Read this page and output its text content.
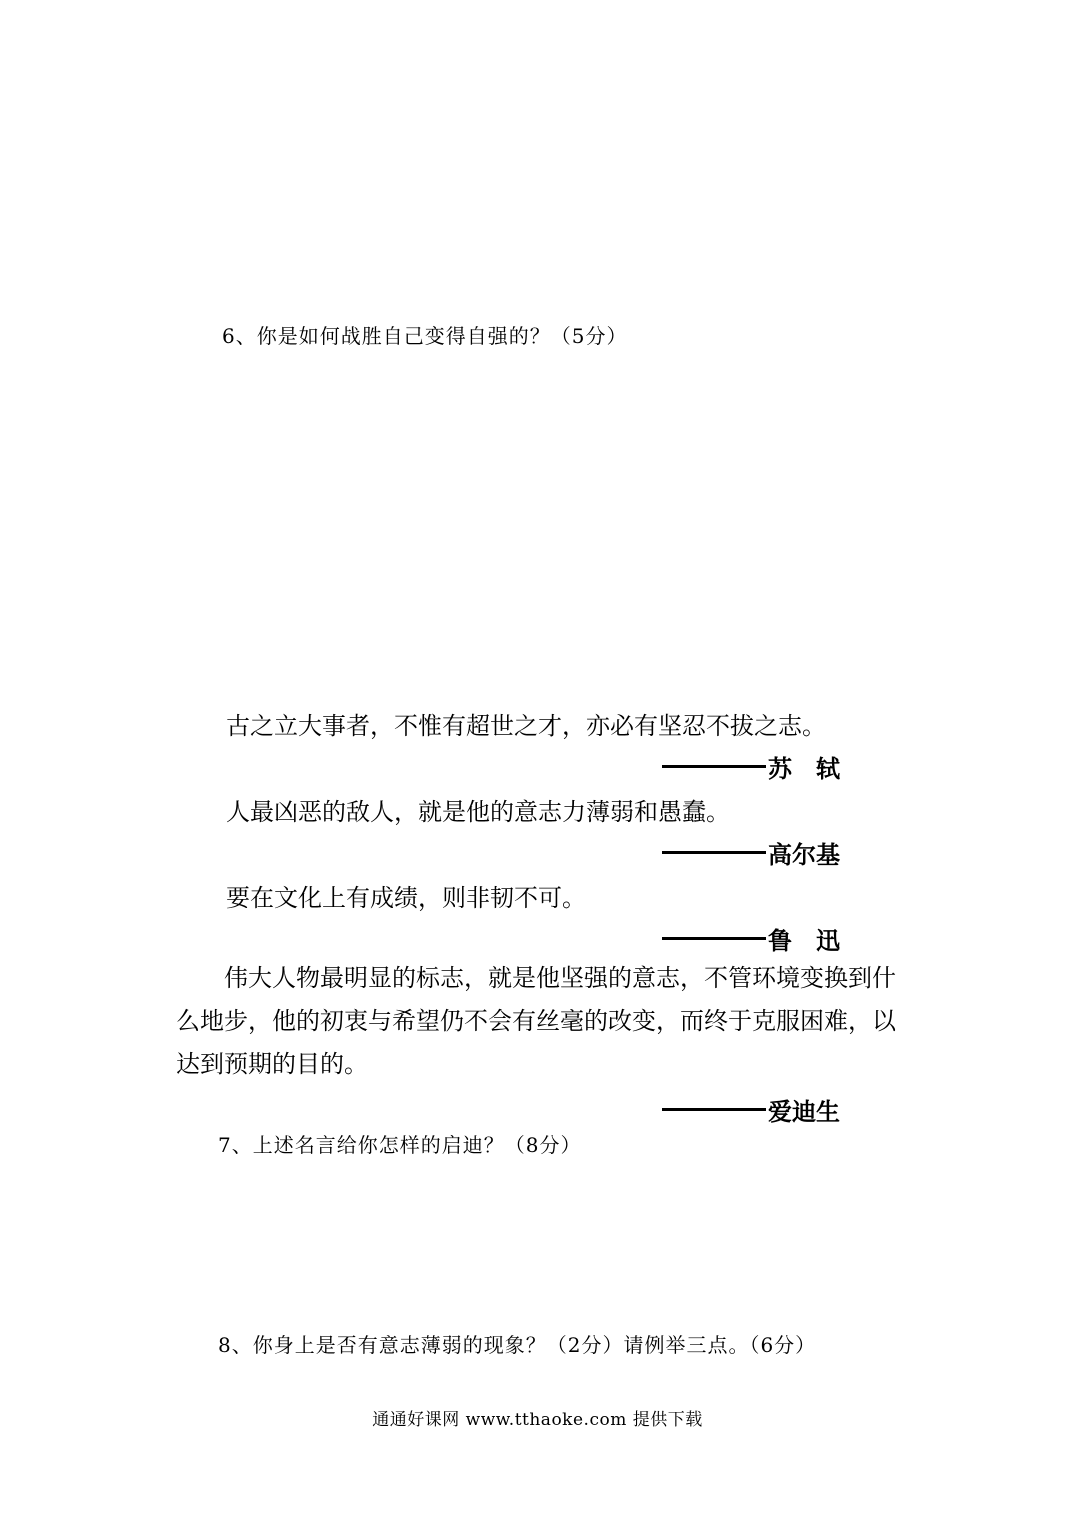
6、你是如何战胜自己变得自强的？（5分）
古之立大事者，不惟有超世之才，亦必有坚忍不拔之志。
苏　轼
人最凶恶的敌人，就是他的意志力薄弱和愚蠢。
高尔基
要在文化上有成绩，则非韧不可。
鲁　迅
伟大人物最明显的标志，就是他坚强的意志，不管环境变换到什么地步，他的初衷与希望仍不会有丝毫的改变，而终于克服困难，以达到预期的目的。
爱迪生
7、上述名言给你怎样的启迪？（8分）
8、你身上是否有意志薄弱的现象？（2分）请例举三点。（6分）
通通好课网 www.tthaoke.com 提供下载
